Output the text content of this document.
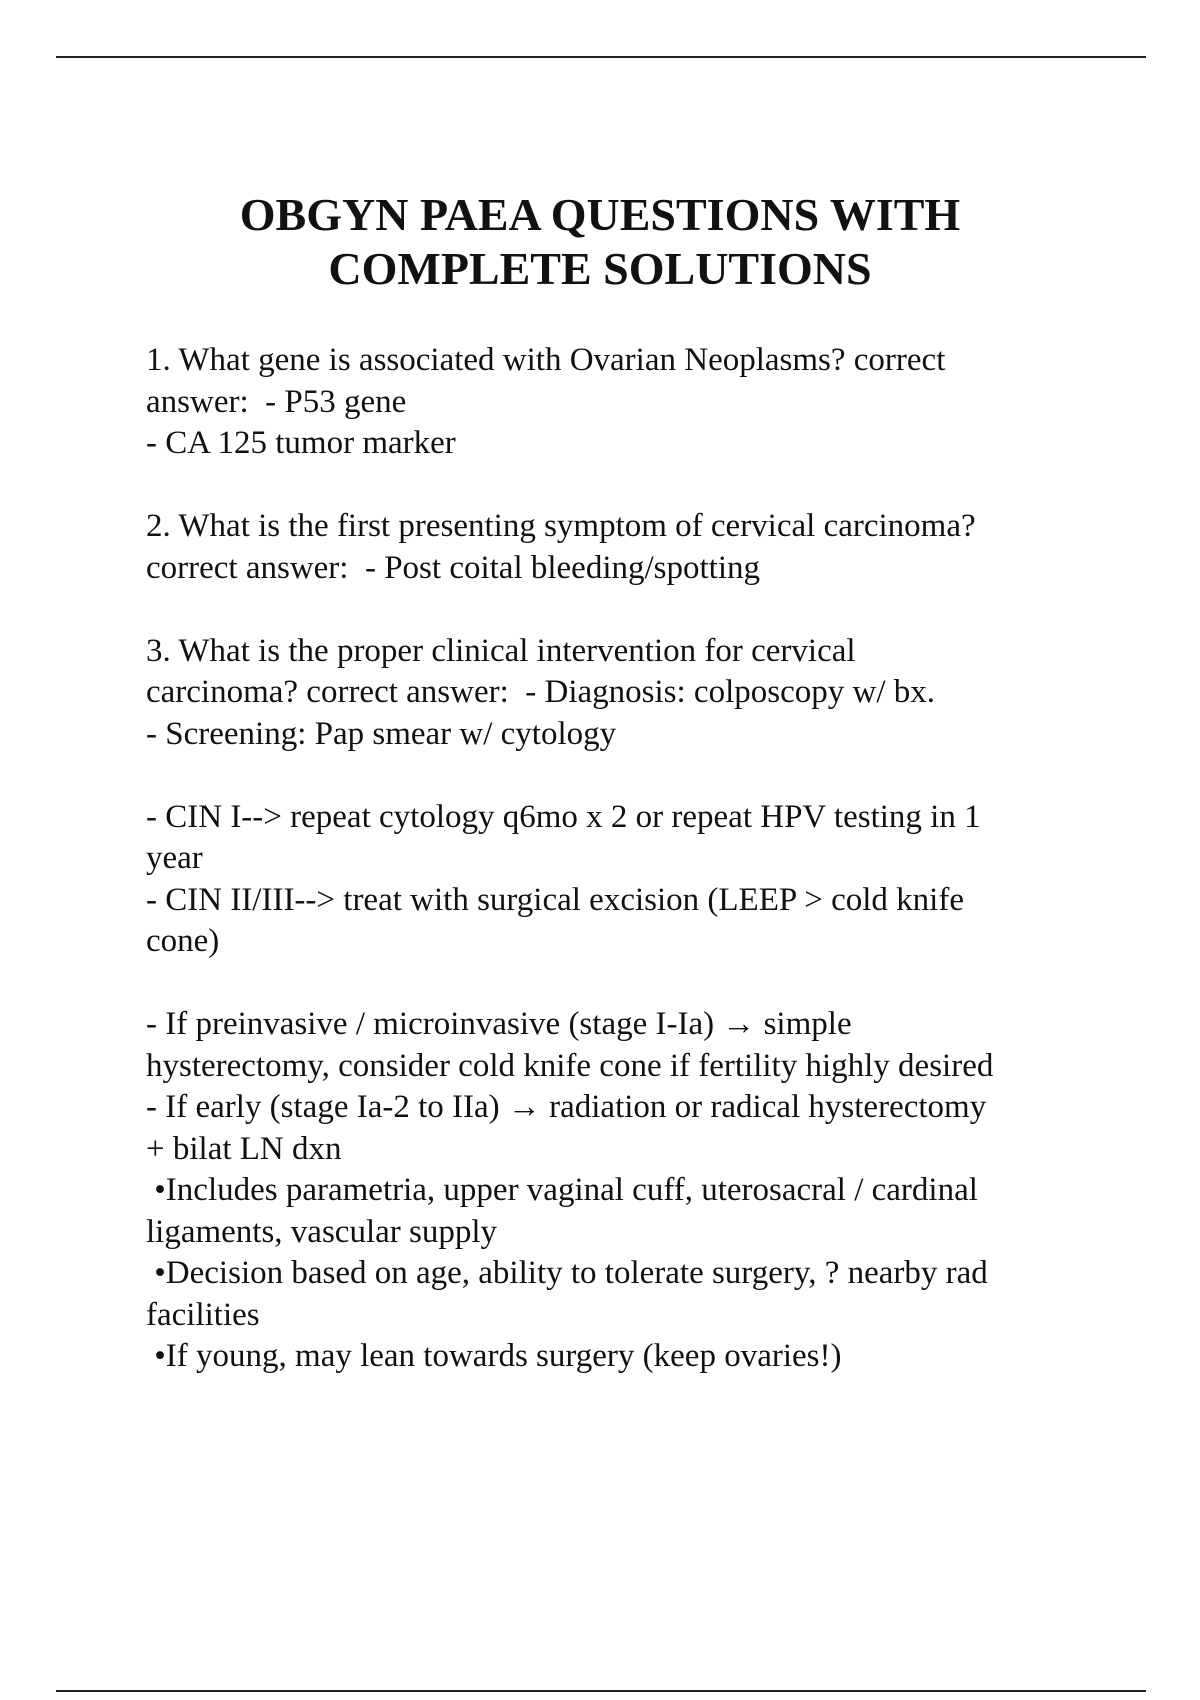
OBGYN PAEA QUESTIONS WITH
COMPLETE SOLUTIONS
1. What gene is associated with Ovarian Neoplasms? correct
answer:  - P53 gene
- CA 125 tumor marker
2. What is the first presenting symptom of cervical carcinoma?
correct answer:  - Post coital bleeding/spotting
3. What is the proper clinical intervention for cervical
carcinoma? correct answer:  - Diagnosis: colposcopy w/ bx.
- Screening: Pap smear w/ cytology
- CIN I--> repeat cytology q6mo x 2 or repeat HPV testing in 1
year
- CIN II/III--> treat with surgical excision (LEEP > cold knife
cone)
- If preinvasive / microinvasive (stage I-Ia) → simple
hysterectomy, consider cold knife cone if fertility highly desired
- If early (stage Ia-2 to IIa) → radiation or radical hysterectomy
+ bilat LN dxn
•Includes parametria, upper vaginal cuff, uterosacral / cardinal
ligaments, vascular supply
•Decision based on age, ability to tolerate surgery, ? nearby rad
facilities
•If young, may lean towards surgery (keep ovaries!)
